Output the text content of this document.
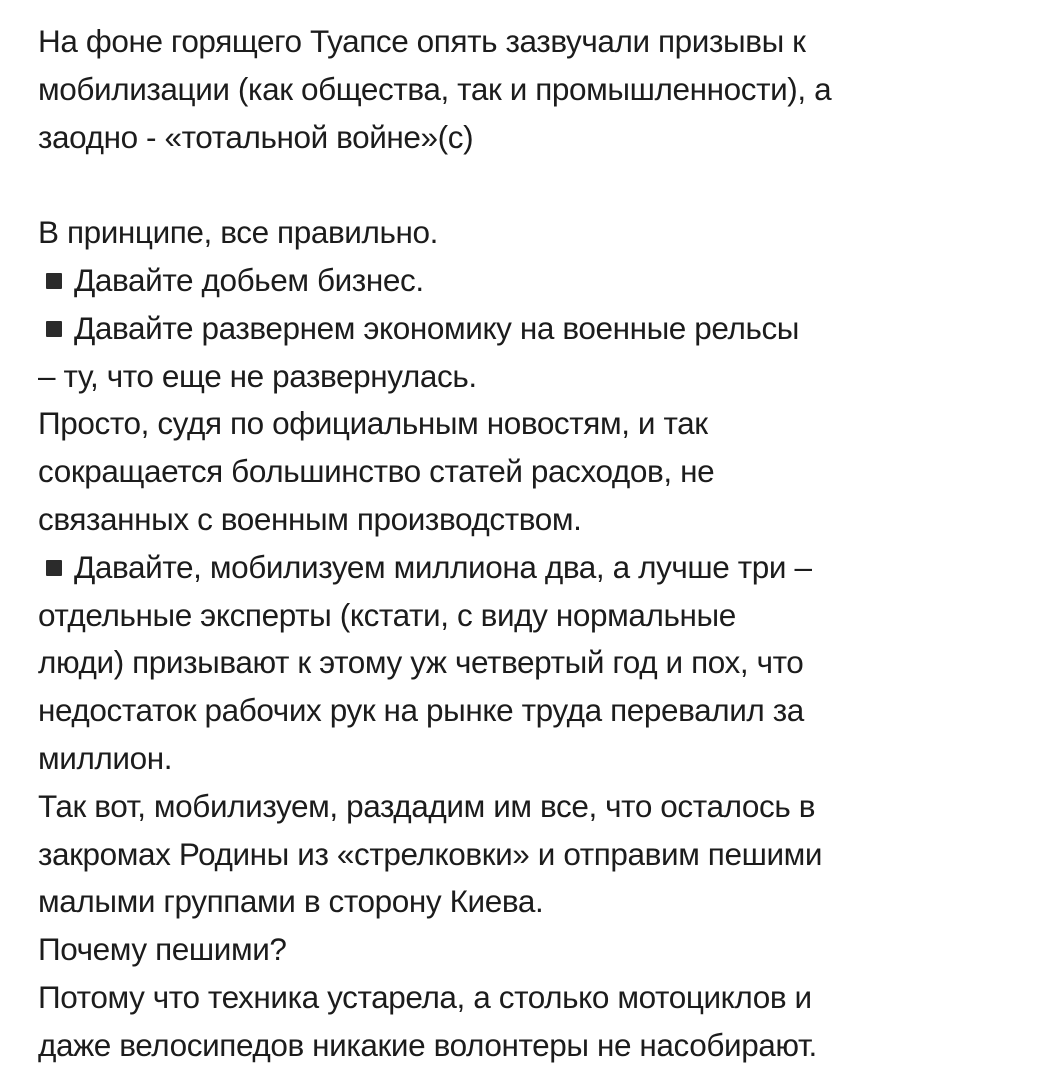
На фоне горящего Туапсе опять зазвучали призывы к
мобилизации (как общества, так и промышленности), а
заодно - «тотальной войне»(с)
В принципе, все правильно.
Давайте добьем бизнес.
Давайте развернем экономику на военные рельсы
– ту, что еще не развернулась.
Просто, судя по официальным новостям, и так
сокращается большинство статей расходов, не
связанных с военным производством.
Давайте, мобилизуем миллиона два, а лучше три –
отдельные эксперты (кстати, с виду нормальные
люди) призывают к этому уж четвертый год и пох, что
недостаток рабочих рук на рынке труда перевалил за
миллион.
Так вот, мобилизуем, раздадим им все, что осталось в
закромах Родины из «стрелковки» и отправим пешими
малыми группами в сторону Киева.
Почему пешими?
Потому что техника устарела, а столько мотоциклов и
даже велосипедов никакие волонтеры не насобирают.
